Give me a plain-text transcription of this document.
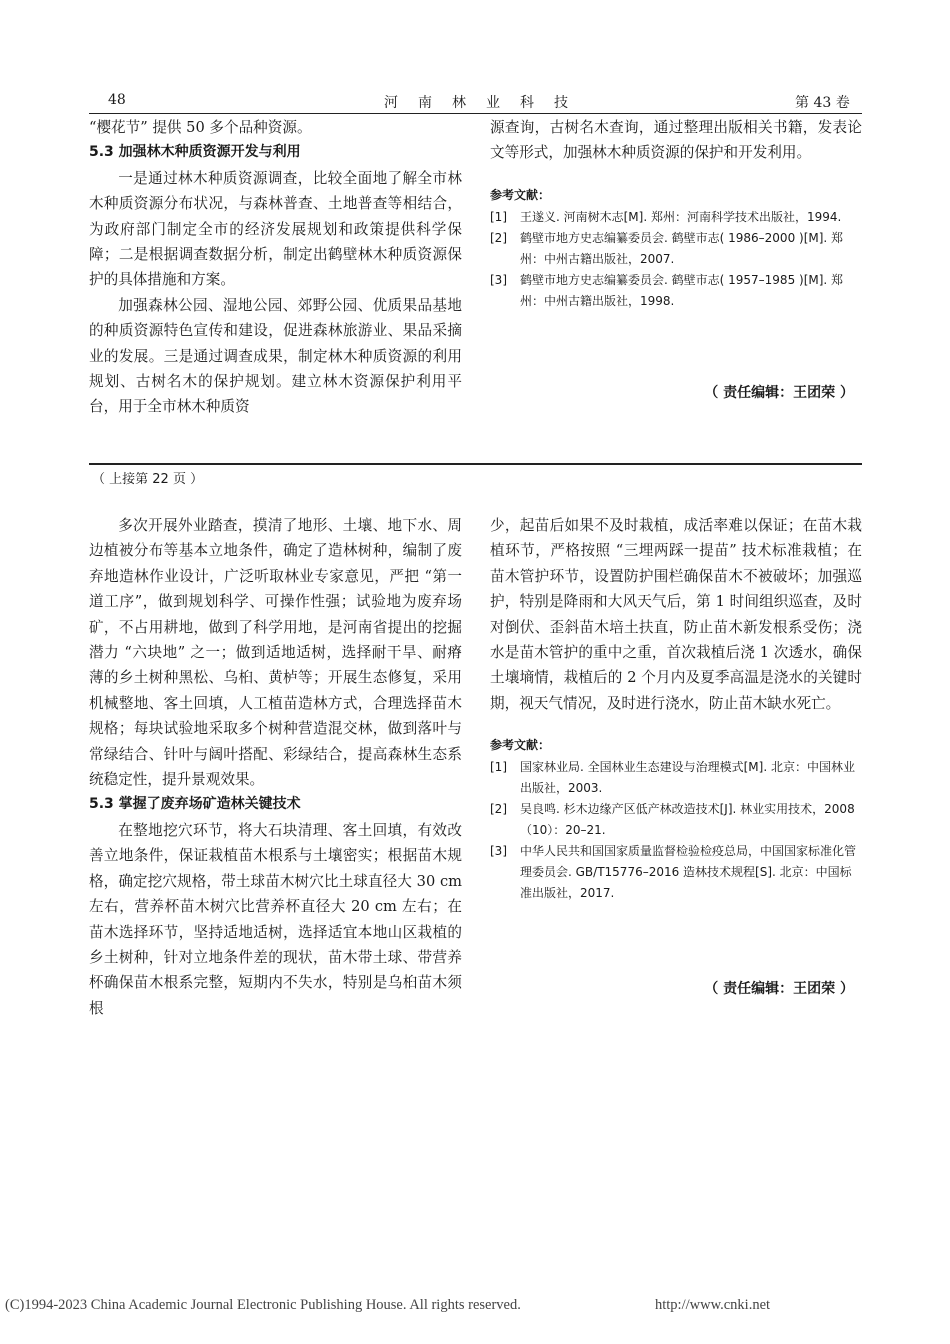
48	河南林业科技	第 43 卷

“樱花节” 提供 50 多个品种资源。

5.3 加强林木种质资源开发与利用

一是通过林木种质资源调查，比较全面地了解全市林木种质资源分布状况，与森林普查、土地普查等相结合，为政府部门制定全市的经济发展规划和政策提供科学保障；二是根据调查数据分析，制定出鹤壁林木种质资源保护的具体措施和方案。

加强森林公园、湿地公园、郊野公园、优质果品基地的种质资源特色宣传和建设，促进森林旅游业、果品采摘业的发展。三是通过调查成果，制定林木种质资源的利用规划、古树名木的保护规划。建立林木资源保护利用平台，用于全市林木种质资

源查询，古树名木查询，通过整理出版相关书籍，发表论文等形式，加强林木种质资源的保护和开发利用。

参考文献：

[1] 王遂义. 河南树木志[M]. 郑州：河南科学技术出版社，1994.

[2] 鹤壁市地方史志编纂委员会. 鹤壁市志( 1986–2000 )[M]. 郑州：中州古籍出版社，2007.

[3] 鹤壁市地方史志编纂委员会. 鹤壁市志( 1957–1985 )[M]. 郑州：中州古籍出版社，1998.

（ 责任编辑：王团荣 ）
（ 上接第 22 页 ）

多次开展外业踏查，摸清了地形、土壤、地下水、周边植被分布等基本立地条件，确定了造林树种，编制了废弃地造林作业设计，广泛听取林业专家意见，严把 “第一道工序”，做到规划科学、可操作性强；试验地为废弃场矿，不占用耕地，做到了科学用地，是河南省提出的挖掘潜力 “六块地” 之一；做到适地适树，选择耐干旱、耐瘠薄的乡土树种黑松、乌桕、黄栌等；开展生态修复，采用机械整地、客土回填，人工植苗造林方式，合理选择苗木规格；每块试验地采取多个树种营造混交林，做到落叶与常绿结合、针叶与阔叶搭配、彩绿结合，提高森林生态系统稳定性，提升景观效果。

5.3 掌握了废弃场矿造林关键技术

在整地挖穴环节，将大石块清理、客土回填，有效改善立地条件，保证栽植苗木根系与土壤密实；根据苗木规格，确定挖穴规格，带土球苗木树穴比土球直径大 30 cm 左右，营养杯苗木树穴比营养杯直径大 20 cm 左右；在苗木选择环节，坚持适地适树，选择适宜本地山区栽植的乡土树种，针对立地条件差的现状，苗木带土球、带营养杯确保苗木根系完整，短期内不失水，特别是乌桕苗木须根

少，起苗后如果不及时栽植，成活率难以保证；在苗木栽植环节，严格按照 “三埋两踩一提苗” 技术标准栽植；在苗木管护环节，设置防护围栏确保苗木不被破坏；加强巡护，特别是降雨和大风天气后，第 1 时间组织巡查，及时对倒伏、歪斜苗木培土扶直，防止苗木新发根系受伤；浇水是苗木管护的重中之重，首次栽植后浇 1 次透水，确保土壤墒情，栽植后的 2 个月内及夏季高温是浇水的关键时期，视天气情况，及时进行浇水，防止苗木缺水死亡。

参考文献：

[1] 国家林业局. 全国林业生态建设与治理模式[M]. 北京：中国林业出版社，2003.

[2] 吴良鸣. 杉木边缘产区低产林改造技术[J]. 林业实用技术，2008（10）：20–21.

[3] 中华人民共和国国家质量监督检验检疫总局，中国国家标准化管理委员会. GB/T15776–2016 造林技术规程[S]. 北京：中国标准出版社，2017.

（ 责任编辑：王团荣 ）
(C)1994-2023 China Academic Journal Electronic Publishing House. All rights reserved.	http://www.cnki.net
